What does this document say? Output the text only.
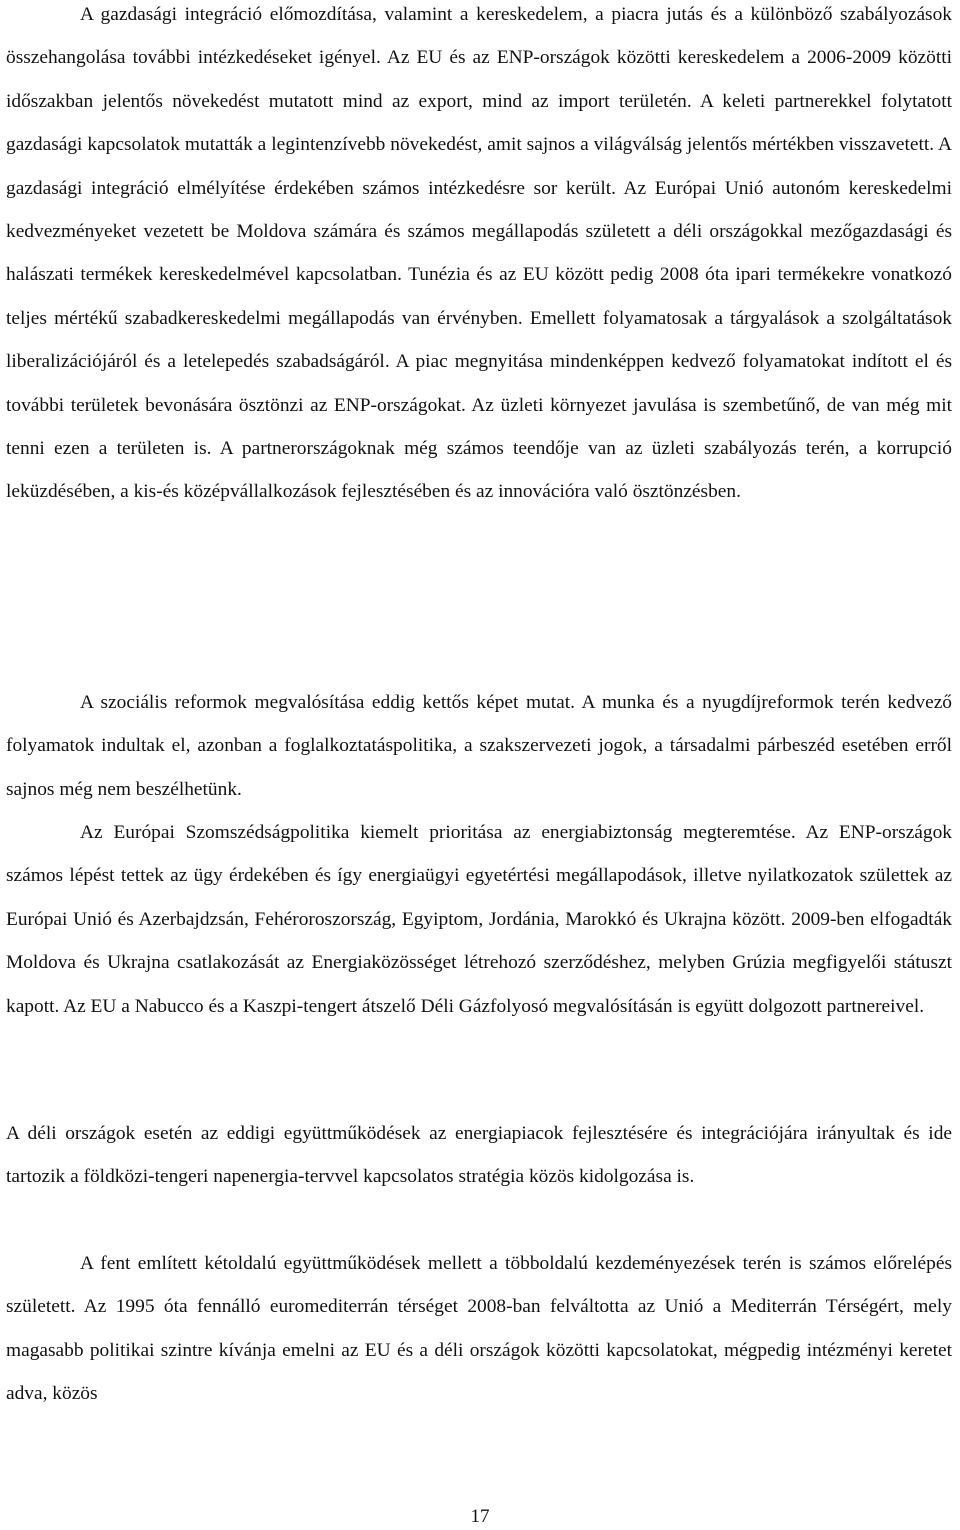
A gazdasági integráció előmozdítása, valamint a kereskedelem, a piacra jutás és a különböző szabályozások összehangolása további intézkedéseket igényel. Az EU és az ENP-országok közötti kereskedelem a 2006-2009 közötti időszakban jelentős növekedést mutatott mind az export, mind az import területén. A keleti partnerekkel folytatott gazdasági kapcsolatok mutatták a legintenzívebb növekedést, amit sajnos a világválság jelentős mértékben visszavetett. A gazdasági integráció elmélyítése érdekében számos intézkedésre sor került. Az Európai Unió autonóm kereskedelmi kedvezményeket vezetett be Moldova számára és számos megállapodás született a déli országokkal mezőgazdasági és halászati termékek kereskedelmével kapcsolatban. Tunézia és az EU között pedig 2008 óta ipari termékekre vonatkozó teljes mértékű szabadkereskedelmi megállapodás van érvényben. Emellett folyamatosak a tárgyalások a szolgáltatások liberalizációjáról és a letelepedés szabadságáról. A piac megnyitása mindenképpen kedvező folyamatokat indított el és további területek bevonására ösztönzi az ENP-országokat. Az üzleti környezet javulása is szembetűnő, de van még mit tenni ezen a területen is. A partnerországoknak még számos teendője van az üzleti szabályozás terén, a korrupció leküzdésében, a kis-és középvállalkozások fejlesztésében és az innovációra való ösztönzésben.

A szociális reformok megvalósítása eddig kettős képet mutat. A munka és a nyugdíjreformok terén kedvező folyamatok indultak el, azonban a foglalkoztatáspolitika, a szakszervezeti jogok, a társadalmi párbeszéd esetében erről sajnos még nem beszélhetünk.

Az Európai Szomszédságpolitika kiemelt prioritása az energiabiztonság megteremtése. Az ENP-országok számos lépést tettek az ügy érdekében és így energiaügyi egyetértési megállapodások, illetve nyilatkozatok születtek az Európai Unió és Azerbajdzsán, Fehéroroszország, Egyiptom, Jordánia, Marokkó és Ukrajna között. 2009-ben elfogadták Moldova és Ukrajna csatlakozását az Energiaközösséget létrehozó szerződéshez, melyben Grúzia megfigyelői státuszt kapott. Az EU a Nabucco és a Kaszpi-tengert átszelő Déli Gázfolyosó megvalósításán is együtt dolgozott partnereivel.

A déli országok esetén az eddigi együttműködések az energiapiacok fejlesztésére és integrációjára irányultak és ide tartozik a földközi-tengeri napenergia-tervvel kapcsolatos stratégia közös kidolgozása is.

A fent említett kétoldalú együttműködések mellett a többoldalú kezdeményezések terén is számos előrelépés született. Az 1995 óta fennálló euromediterrán térséget 2008-ban felváltotta az Unió a Mediterrán Térségért, mely magasabb politikai szintre kívánja emelni az EU és a déli országok közötti kapcsolatokat, mégpedig intézményi keretet adva, közös

17
